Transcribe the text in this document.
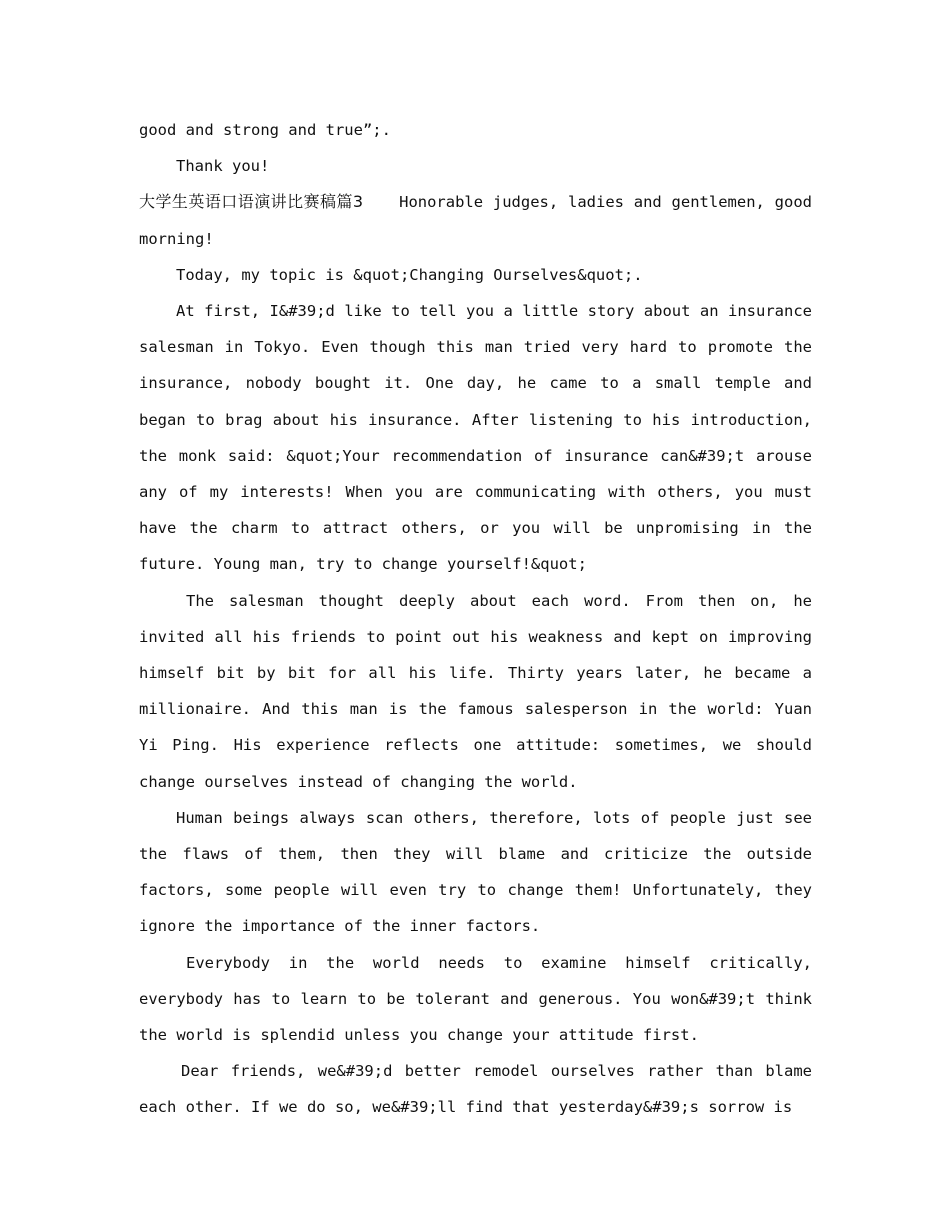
good and strong and true”;.

Thank you!

大学生英语口语演讲比赛稿篇3 Honorable judges, ladies and gentlemen, good morning!

Today, my topic is &quot;Changing Ourselves&quot;.

At first, I&#39;d like to tell you a little story about an insurance salesman in Tokyo. Even though this man tried very hard to promote the insurance, nobody bought it. One day, he came to a small temple and began to brag about his insurance. After listening to his introduction, the monk said: &quot;Your recommendation of insurance can&#39;t arouse any of my interests! When you are communicating with others, you must have the charm to attract others, or you will be unpromising in the future. Young man, try to change yourself!&quot;

The salesman thought deeply about each word. From then on, he invited all his friends to point out his weakness and kept on improving himself bit by bit for all his life. Thirty years later, he became a millionaire. And this man is the famous salesperson in the world: Yuan Yi Ping. His experience reflects one attitude: sometimes, we should change ourselves instead of changing the world.

Human beings always scan others, therefore, lots of people just see the flaws of them, then they will blame and criticize the outside factors, some people will even try to change them! Unfortunately, they ignore the importance of the inner factors.

Everybody in the world needs to examine himself critically, everybody has to learn to be tolerant and generous. You won&#39;t think the world is splendid unless you change your attitude first.

Dear friends, we&#39;d better remodel ourselves rather than blame each other. If we do so, we&#39;ll find that yesterday&#39;s sorrow is
